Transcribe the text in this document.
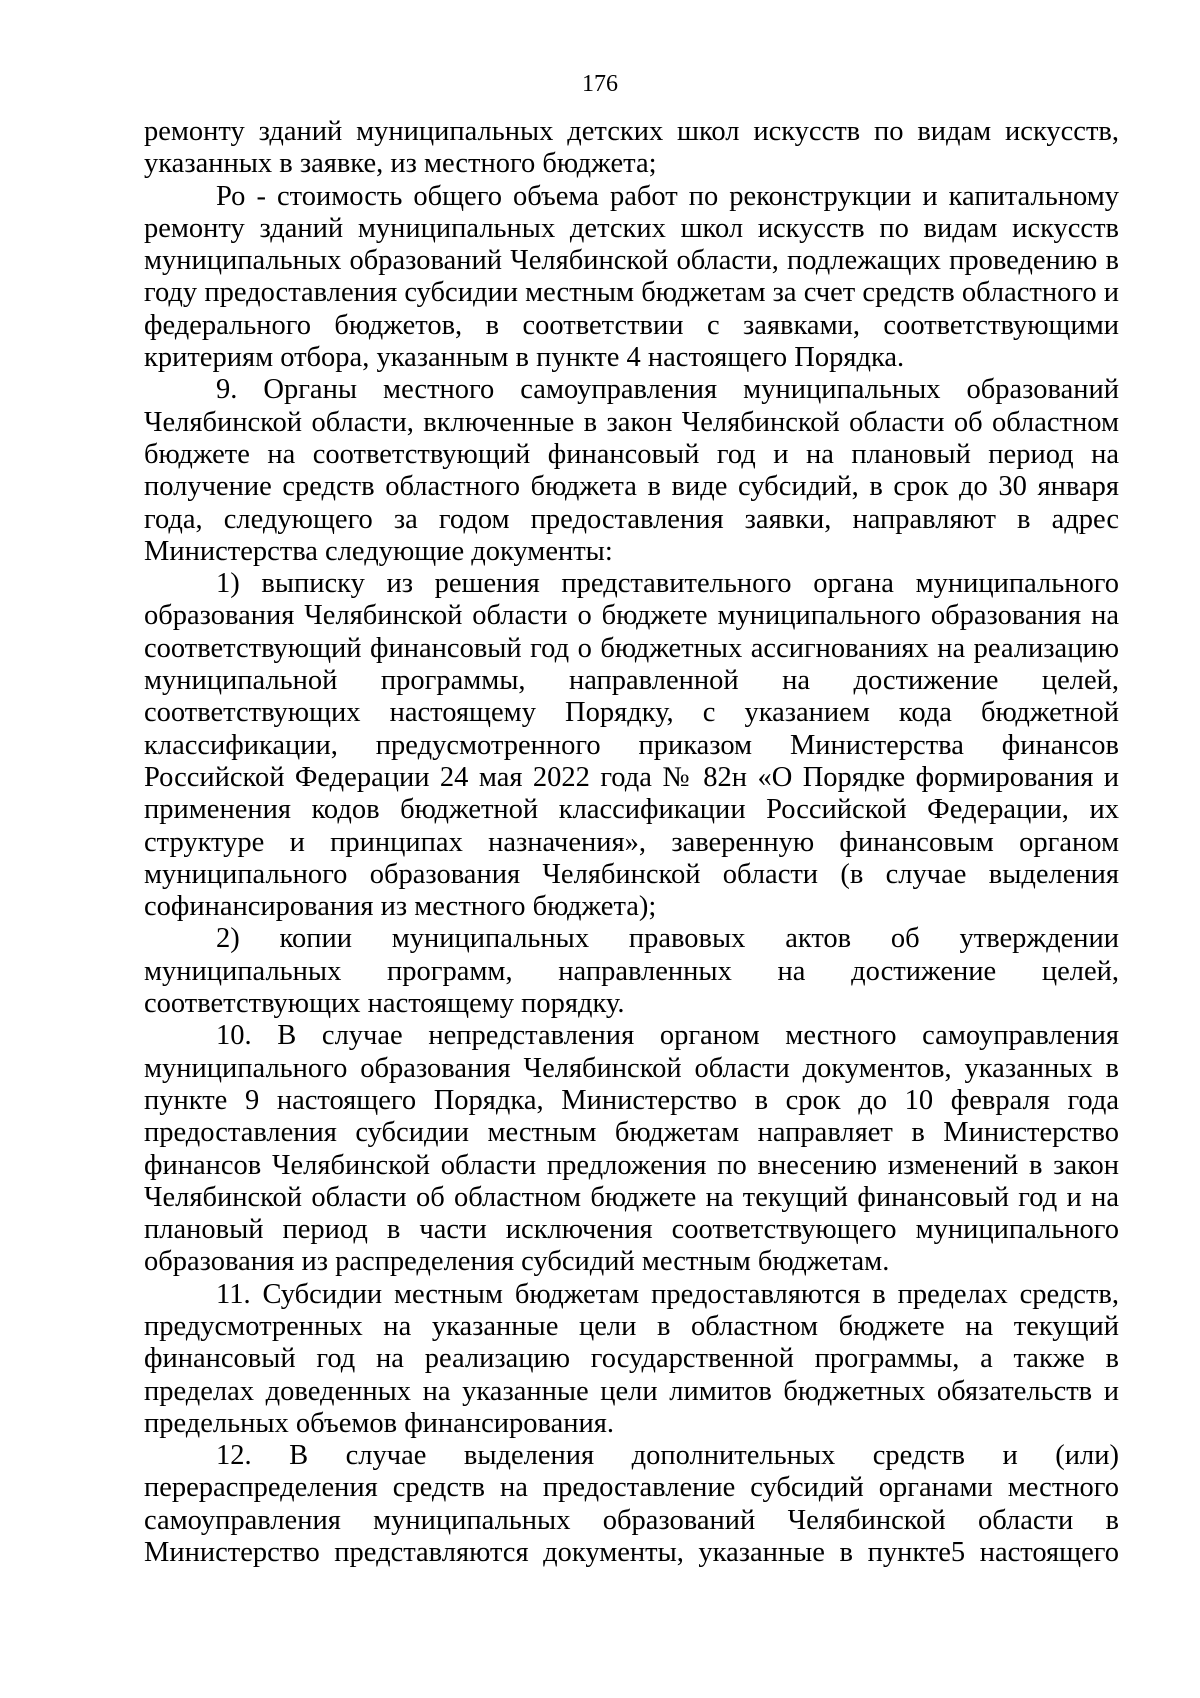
176

ремонту зданий муниципальных детских школ искусств по видам искусств, указанных в заявке, из местного бюджета;

Ро - стоимость общего объема работ по реконструкции и капитальному ремонту зданий муниципальных детских школ искусств по видам искусств муниципальных образований Челябинской области, подлежащих проведению в году предоставления субсидии местным бюджетам за счет средств областного и федерального бюджетов, в соответствии с заявками, соответствующими критериям отбора, указанным в пункте 4 настоящего Порядка.

9. Органы местного самоуправления муниципальных образований Челябинской области, включенные в закон Челябинской области об областном бюджете на соответствующий финансовый год и на плановый период на получение средств областного бюджета в виде субсидий, в срок до 30 января года, следующего за годом предоставления заявки, направляют в адрес Министерства следующие документы:

1) выписку из решения представительного органа муниципального образования Челябинской области о бюджете муниципального образования на соответствующий финансовый год о бюджетных ассигнованиях на реализацию муниципальной программы, направленной на достижение целей, соответствующих настоящему Порядку, с указанием кода бюджетной классификации, предусмотренного приказом Министерства финансов Российской Федерации 24 мая 2022 года № 82н «О Порядке формирования и применения кодов бюджетной классификации Российской Федерации, их структуре и принципах назначения», заверенную финансовым органом муниципального образования Челябинской области (в случае выделения софинансирования из местного бюджета);

2) копии муниципальных правовых актов об утверждении муниципальных программ, направленных на достижение целей, соответствующих настоящему порядку.

10. В случае непредставления органом местного самоуправления муниципального образования Челябинской области документов, указанных в пункте 9 настоящего Порядка, Министерство в срок до 10 февраля года предоставления субсидии местным бюджетам направляет в Министерство финансов Челябинской области предложения по внесению изменений в закон Челябинской области об областном бюджете на текущий финансовый год и на плановый период в части исключения соответствующего муниципального образования из распределения субсидий местным бюджетам.

11. Субсидии местным бюджетам предоставляются в пределах средств, предусмотренных на указанные цели в областном бюджете на текущий финансовый год на реализацию государственной программы, а также в пределах доведенных на указанные цели лимитов бюджетных обязательств и предельных объемов финансирования.

12. В случае выделения дополнительных средств и (или) перераспределения средств на предоставление субсидий органами местного самоуправления муниципальных образований Челябинской области в Министерство представляются документы, указанные в пункте5 настоящего
